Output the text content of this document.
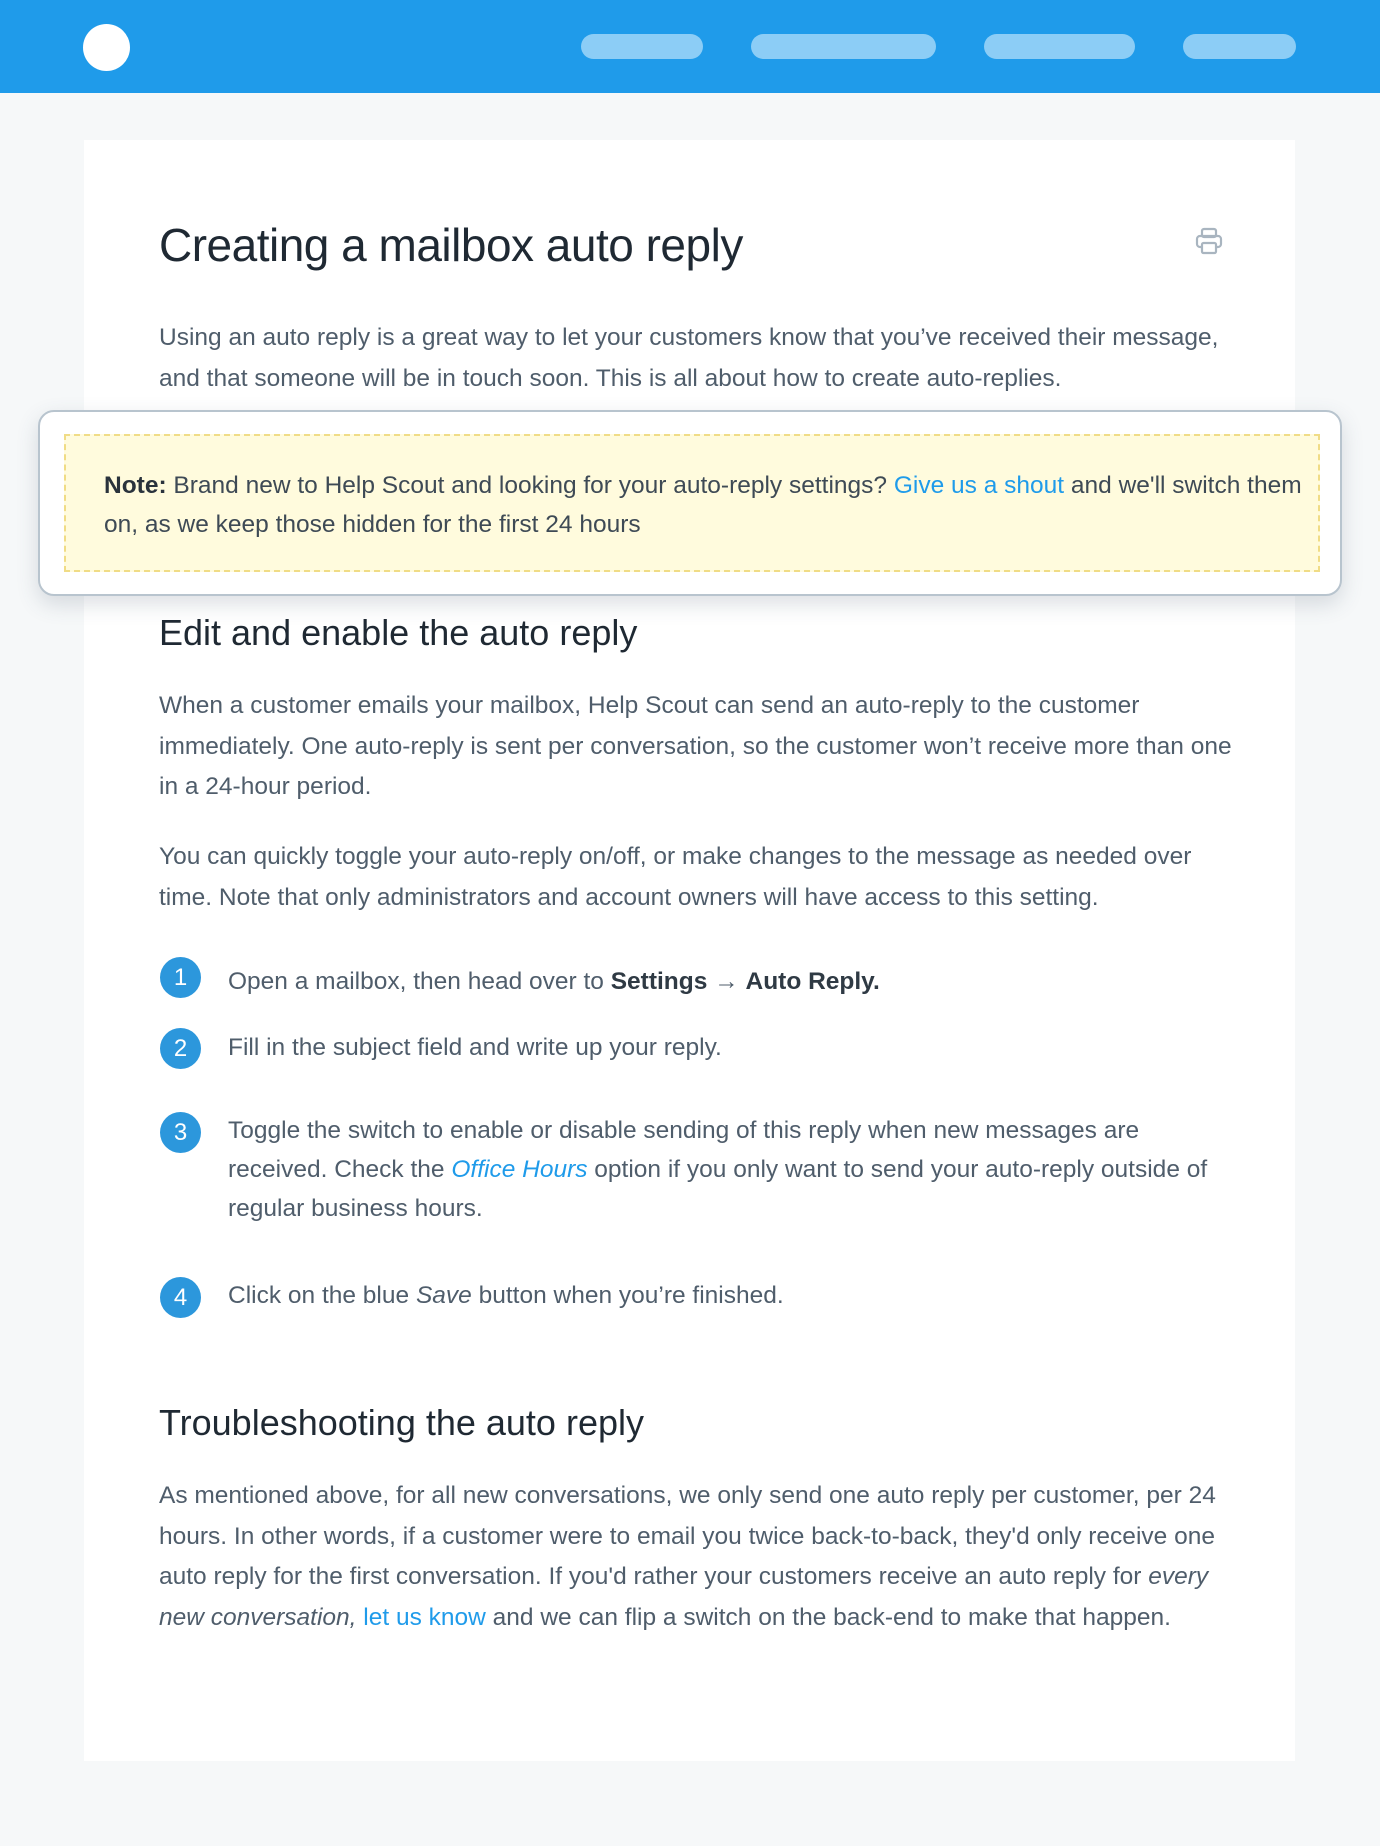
Creating a mailbox auto reply

Using an auto reply is a great way to let your customers know that you’ve received their message, and that someone will be in touch soon. This is all about how to create auto-replies.

Note: Brand new to Help Scout and looking for your auto-reply settings? Give us a shout and we'll switch them on, as we keep those hidden for the first 24 hours

Edit and enable the auto reply

When a customer emails your mailbox, Help Scout can send an auto-reply to the customer immediately. One auto-reply is sent per conversation, so the customer won’t receive more than one in a 24-hour period.

You can quickly toggle your auto-reply on/off, or make changes to the message as needed over time. Note that only administrators and account owners will have access to this setting.

1	Open a mailbox, then head over to Settings → Auto Reply.

2	Fill in the subject field and write up your reply.

3	Toggle the switch to enable or disable sending of this reply when new messages are received. Check the Office Hours option if you only want to send your auto-reply outside of regular business hours.

4	Click on the blue Save button when you’re finished.

Troubleshooting the auto reply

As mentioned above, for all new conversations, we only send one auto reply per customer, per 24 hours. In other words, if a customer were to email you twice back-to-back, they'd only receive one auto reply for the first conversation. If you'd rather your customers receive an auto reply for every new conversation, let us know and we can flip a switch on the back-end to make that happen.
